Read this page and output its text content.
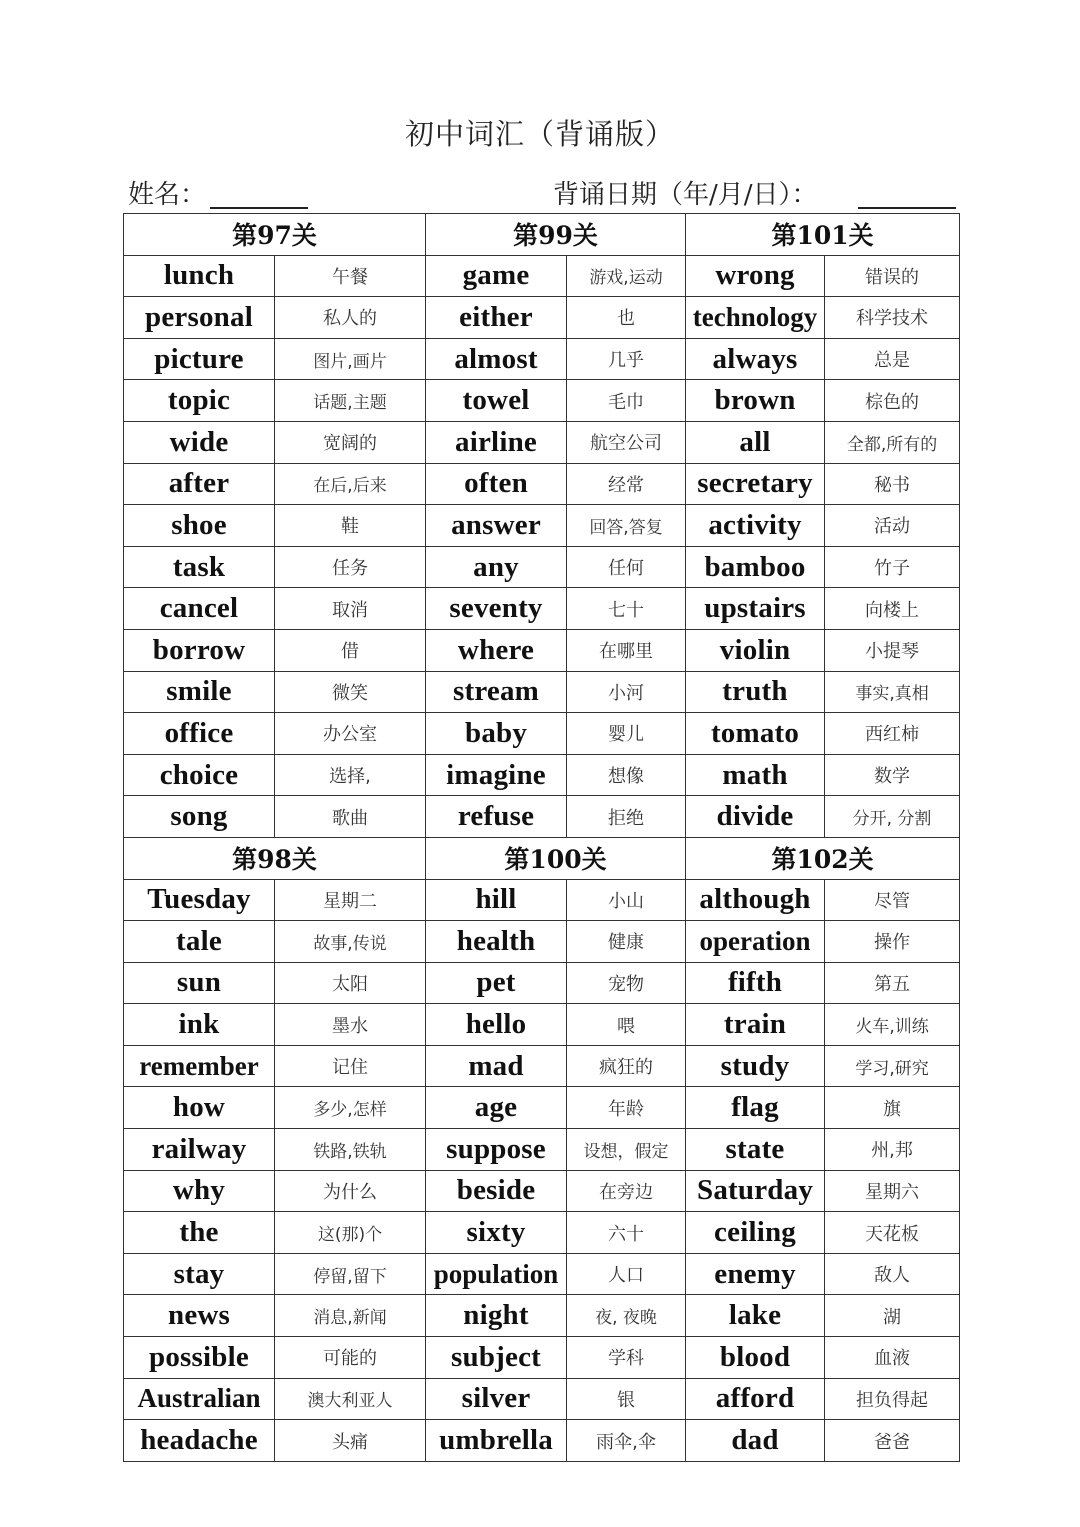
初中词汇（背诵版）
姓名：	背诵日期（年/月/日）：
第97关		第99关		第101关	
lunch	午餐	game	游戏,运动	wrong	错误的
personal	私人的	either	也	technology	科学技术
picture	图片,画片	almost	几乎	always	总是
topic	话题,主题	towel	毛巾	brown	棕色的
wide	宽阔的	airline	航空公司	all	全都,所有的
after	在后,后来	often	经常	secretary	秘书
shoe	鞋	answer	回答,答复	activity	活动
task	任务	any	任何	bamboo	竹子
cancel	取消	seventy	七十	upstairs	向楼上
borrow	借	where	在哪里	violin	小提琴
smile	微笑	stream	小河	truth	事实,真相
office	办公室	baby	婴儿	tomato	西红柿
choice	选择,	imagine	想像	math	数学
song	歌曲	refuse	拒绝	divide	分开, 分割
第98关		第100关		第102关	
Tuesday	星期二	hill	小山	although	尽管
tale	故事,传说	health	健康	operation	操作
sun	太阳	pet	宠物	fifth	第五
ink	墨水	hello	喂	train	火车,训练
remember	记住	mad	疯狂的	study	学习,研究
how	多少,怎样	age	年龄	flag	旗
railway	铁路,铁轨	suppose	设想，假定	state	州,邦
why	为什么	beside	在旁边	Saturday	星期六
the	这(那)个	sixty	六十	ceiling	天花板
stay	停留,留下	population	人口	enemy	敌人
news	消息,新闻	night	夜, 夜晚	lake	湖
possible	可能的	subject	学科	blood	血液
Australian	澳大利亚人	silver	银	afford	担负得起
headache	头痛	umbrella	雨伞,伞	dad	爸爸
